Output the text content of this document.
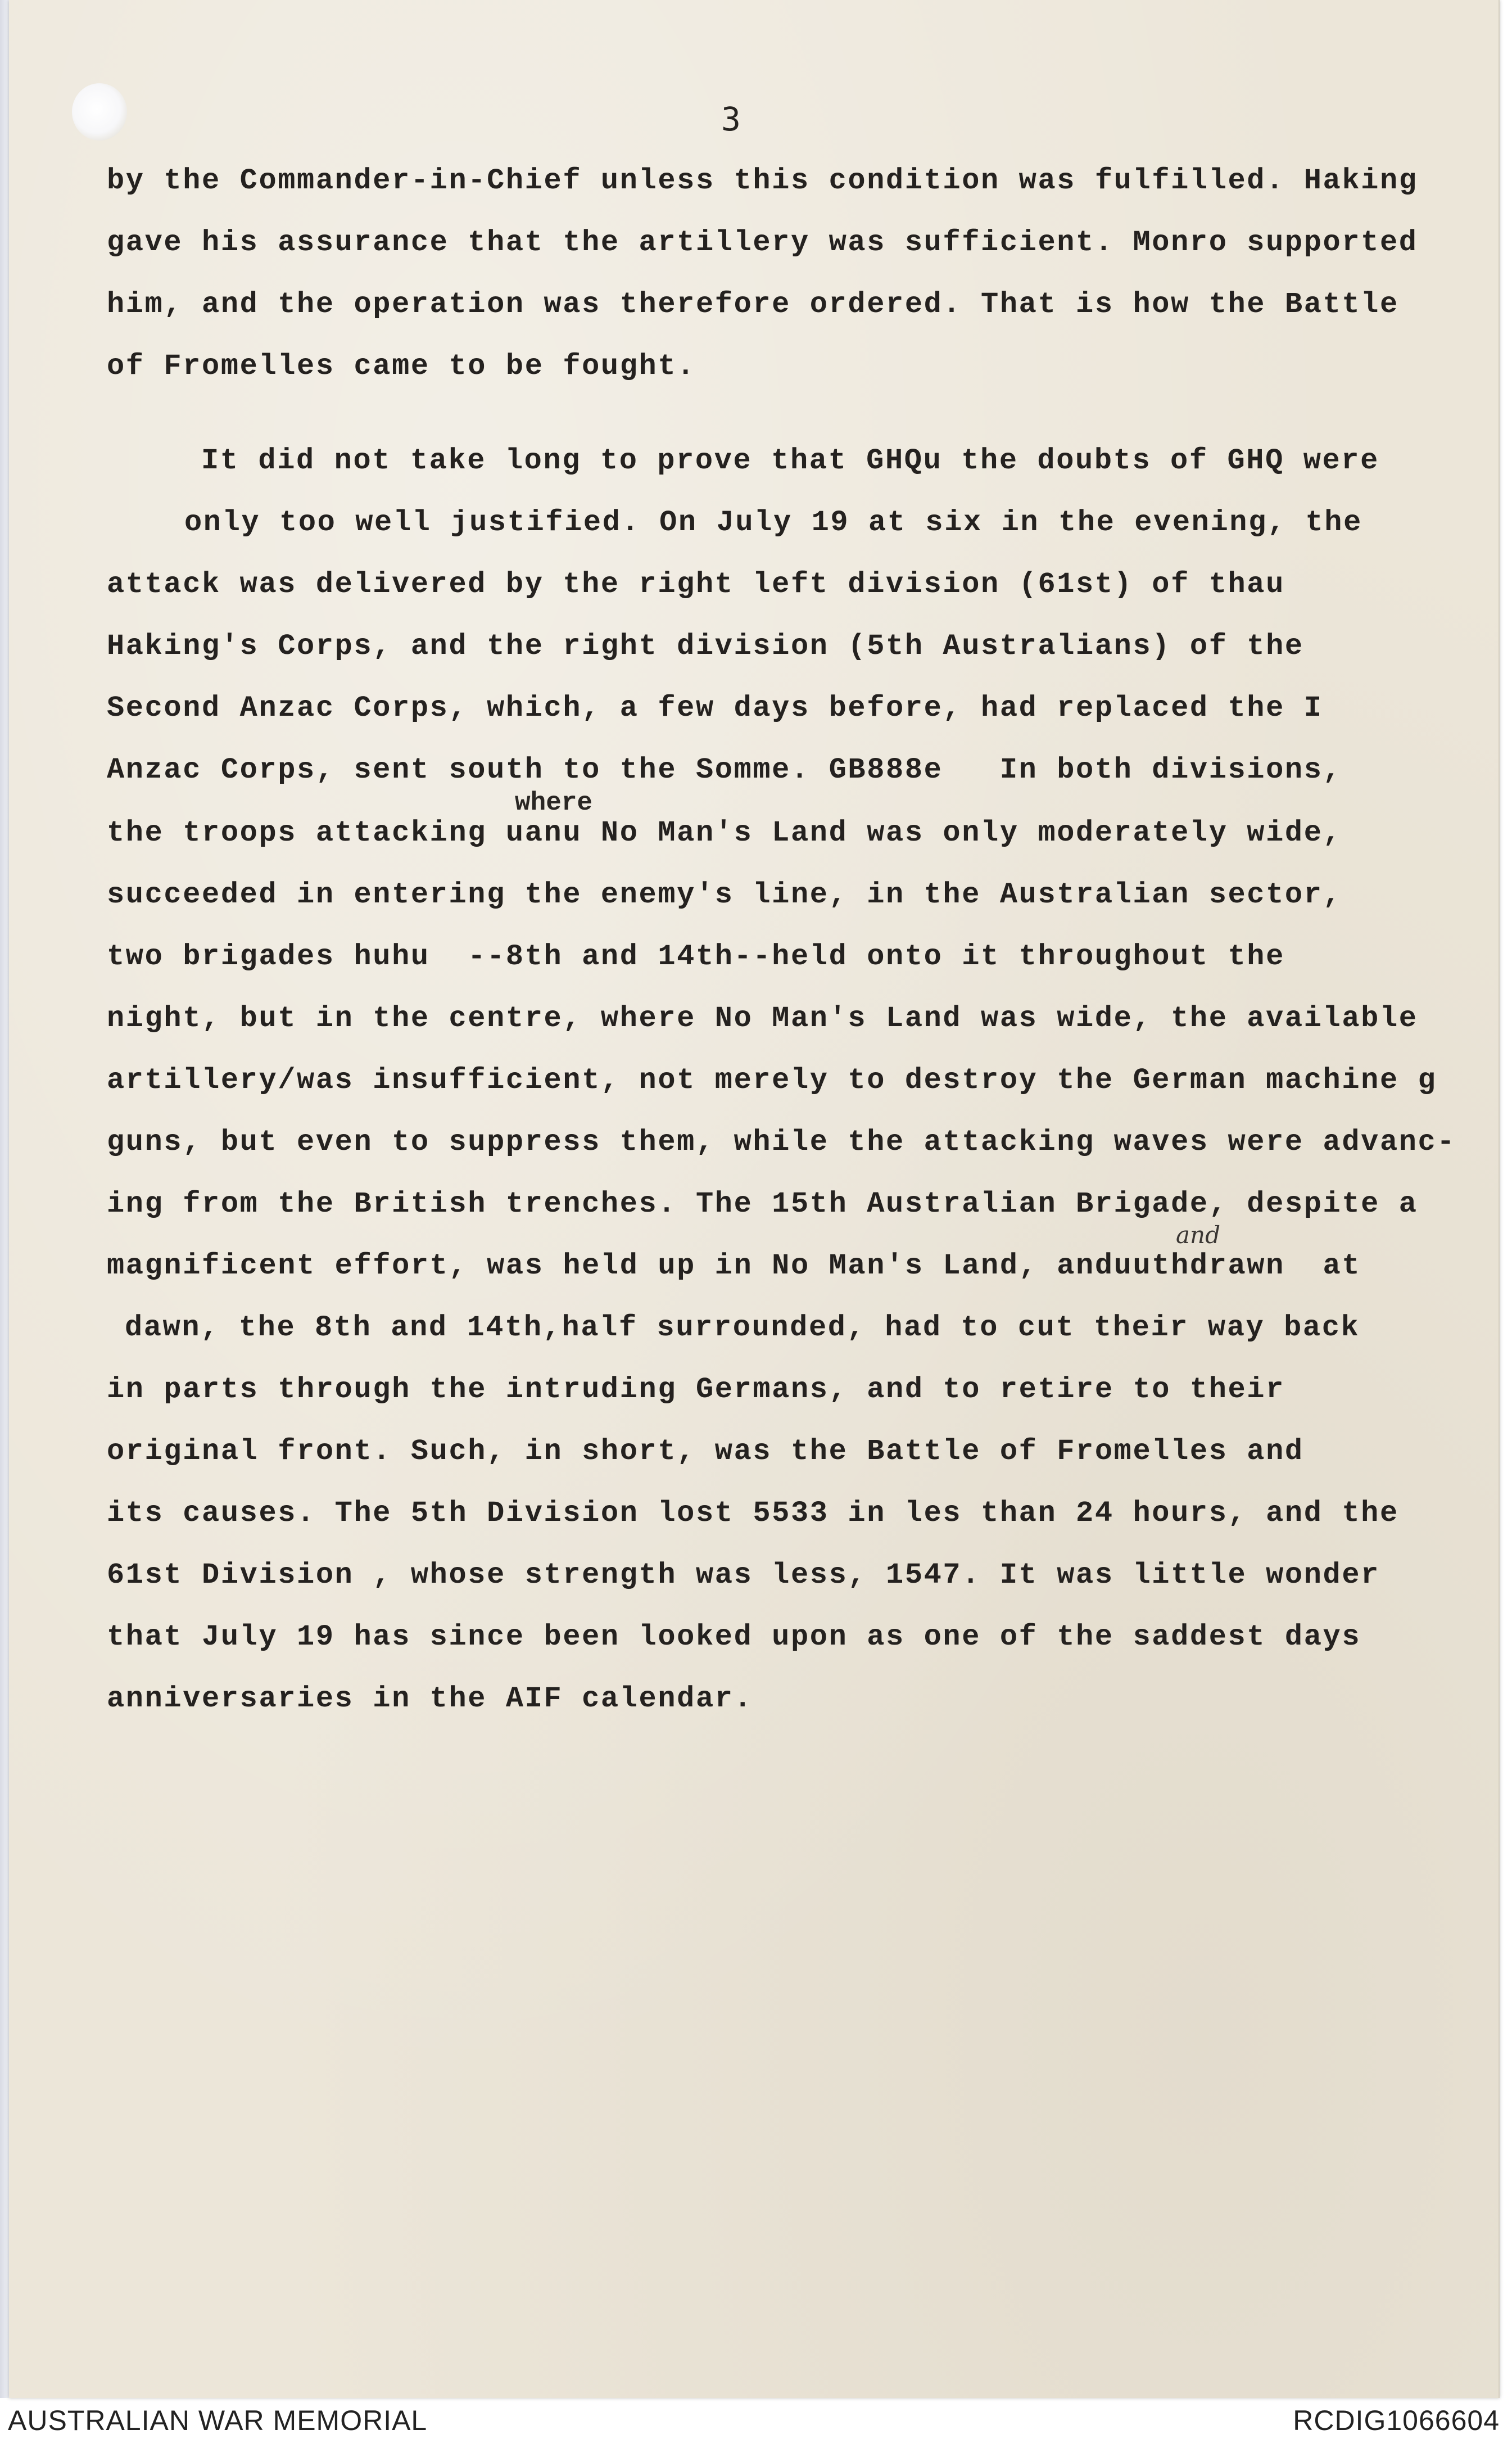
3
by the Commander-in-Chief unless this condition was fulfilled. Haking
gave his assurance that the artillery was sufficient. Monro supported
him, and the operation was therefore ordered. That is how the Battle
of Fromelles came to be fought.
It did not take long to prove that GHQu the doubts of GHQ were
only too well justified. On July 19 at six in the evening, the
attack was delivered by the right left division (61st) of thau
Haking's Corps, and the right division (5th Australians) of the
Second Anzac Corps, which, a few days before, had replaced the I
Anzac Corps, sent south to the Somme. GB888e   In both divisions,
where
the troops attacking uanu No Man's Land was only moderately wide,
succeeded in entering the enemy's line, in the Australian sector,
two brigades huhu  --8th and 14th--held onto it throughout the
night, but in the centre, where No Man's Land was wide, the available
artillery/was insufficient, not merely to destroy the German machine g
guns, but even to suppress them, while the attacking waves were advanc-
ing from the British trenches. The 15th Australian Brigade, despite a
and
magnificent effort, was held up in No Man's Land, anduuthdrawn  at
dawn, the 8th and 14th,half surrounded, had to cut their way back
in parts through the intruding Germans, and to retire to their
original front. Such, in short, was the Battle of Fromelles and
its causes. The 5th Division lost 5533 in les than 24 hours, and the
61st Division , whose strength was less, 1547. It was little wonder
that July 19 has since been looked upon as one of the saddest days
anniversaries in the AIF calendar.
AUSTRALIAN WAR MEMORIAL	RCDIG1066604
